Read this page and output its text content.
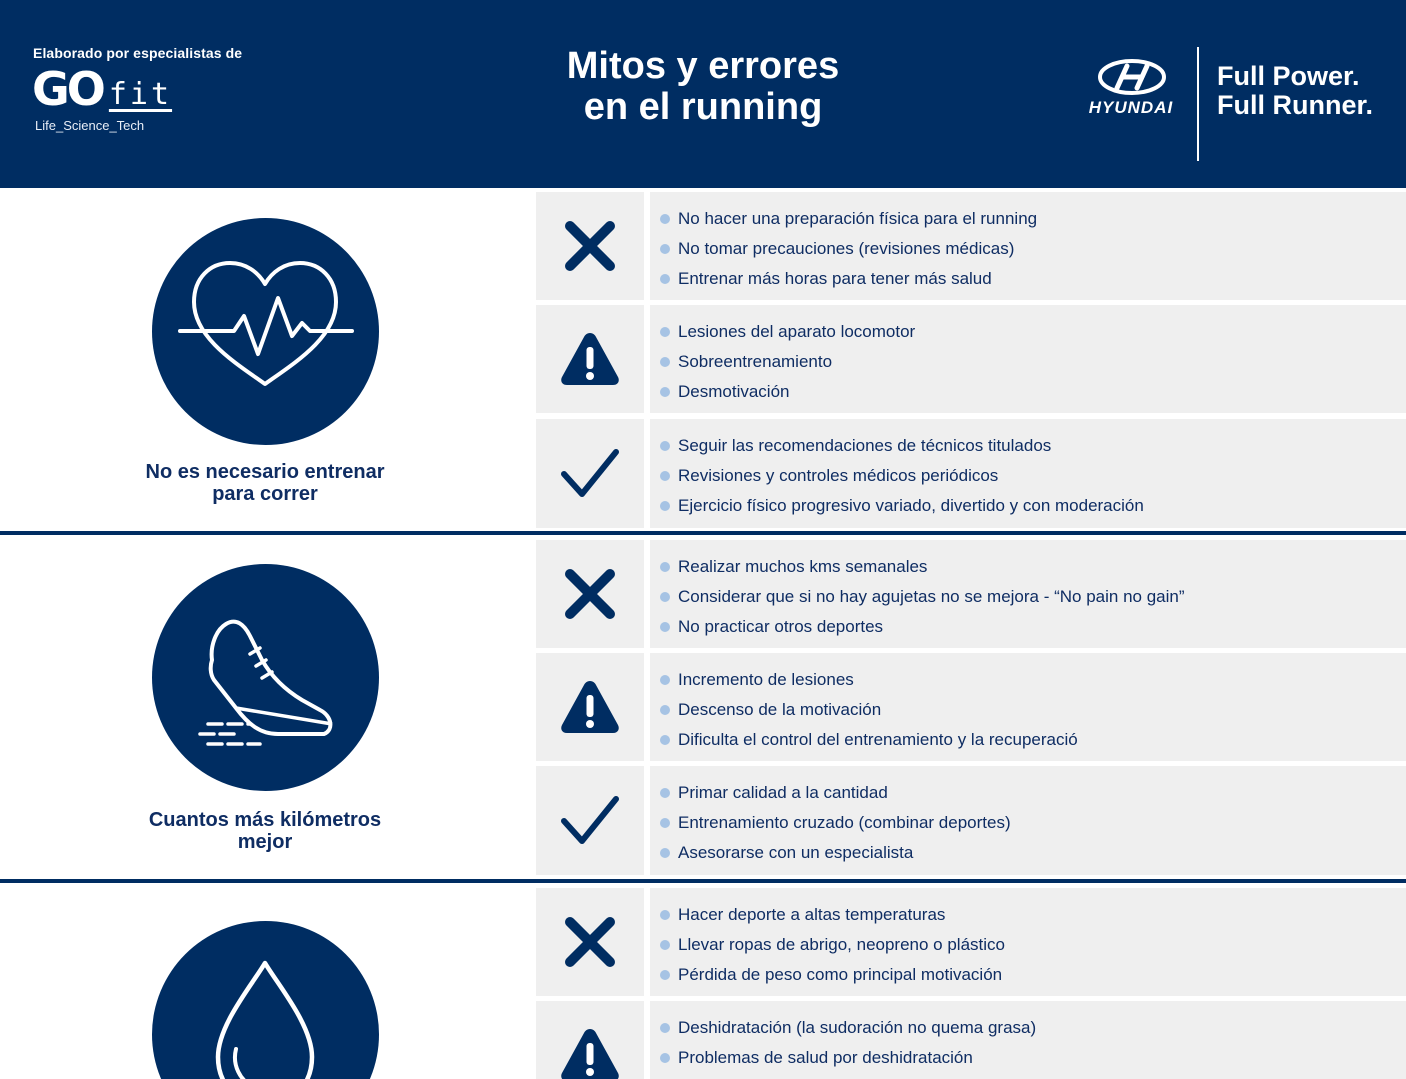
Elaborado por especialistas de
GO fit
Life_Science_Tech
Mitos y errores
en el running	HYUNDAI
Full Power.
Full Runner.
No es necesario entrenar
para correr
No hacer una preparación física para el running
No tomar precauciones (revisiones médicas)
Entrenar más horas para tener más salud
Lesiones del aparato locomotor
Sobreentrenamiento
Desmotivación
Seguir las recomendaciones de técnicos titulados
Revisiones y controles médicos periódicos
Ejercicio físico progresivo variado, divertido y con moderación
Cuantos más kilómetros
mejor
Realizar muchos kms semanales
Considerar que si no hay agujetas no se mejora - “No pain no gain”
No practicar otros deportes
Incremento de lesiones
Descenso de la motivación
Dificulta el control del entrenamiento y la recuperació
Primar calidad a la cantidad
Entrenamiento cruzado (combinar deportes)
Asesorarse con un especialista
Hacer deporte a altas temperaturas
Llevar ropas de abrigo, neopreno o plástico
Pérdida de peso como principal motivación
Deshidratación (la sudoración no quema grasa)
Problemas de salud por deshidratación
